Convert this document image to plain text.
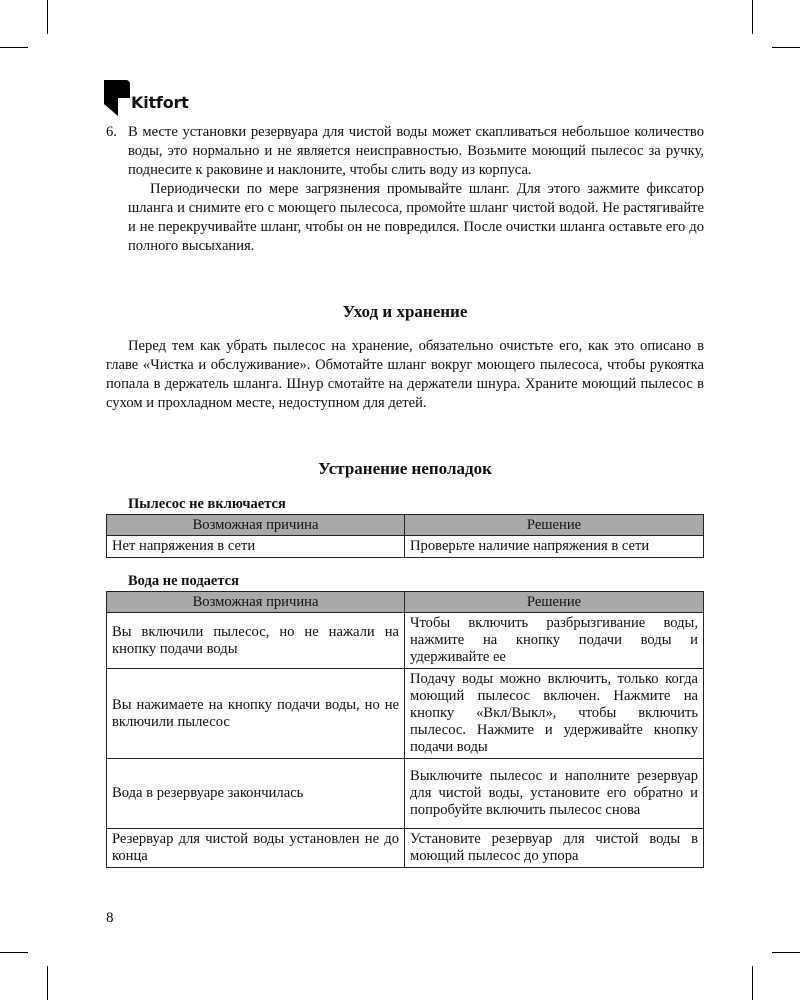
Kitfort
6. В месте установки резервуара для чистой воды может скапливаться небольшое количество воды, это нормально и не является неисправностью. Возьмите моющий пылесос за ручку, поднесите к раковине и наклоните, чтобы слить воду из корпуса.

Периодически по мере загрязнения промывайте шланг. Для этого зажмите фиксатор шланга и снимите его с моющего пылесоса, промойте шланг чистой водой. Не растягивайте и не перекручивайте шланг, чтобы он не повредился. После очистки шланга оставьте его до полного высыхания.

Уход и хранение

Перед тем как убрать пылесос на хранение, обязательно очистьте его, как это описано в главе «Чистка и обслуживание». Обмотайте шланг вокруг моющего пылесоса, чтобы рукоятка попала в держатель шланга. Шнур смотайте на держатели шнура. Храните моющий пылесос в сухом и прохладном месте, недоступном для детей.

Устранение неполадок
Пылесос не включается
Возможная причина	Решение
Нет напряжения в сети	Проверьте наличие напряжения в сети
Вода не подается
Возможная причина	Решение
Вы включили пылесос, но не нажали на кнопку подачи воды	Чтобы включить разбрызгивание воды, нажмите на кнопку подачи воды и удерживайте ее
Вы нажимаете на кнопку подачи воды, но не включили пылесос	Подачу воды можно включить, только когда моющий пылесос включен. Нажмите на кнопку «Вкл/Выкл», чтобы включить пылесос. Нажмите и удерживайте кнопку подачи воды
Вода в резервуаре закончилась	Выключите пылесос и наполните резервуар для чистой воды, установите его обратно и попробуйте включить пылесос снова
Резервуар для чистой воды установлен не до конца	Установите резервуар для чистой воды в моющий пылесос до упора
8
